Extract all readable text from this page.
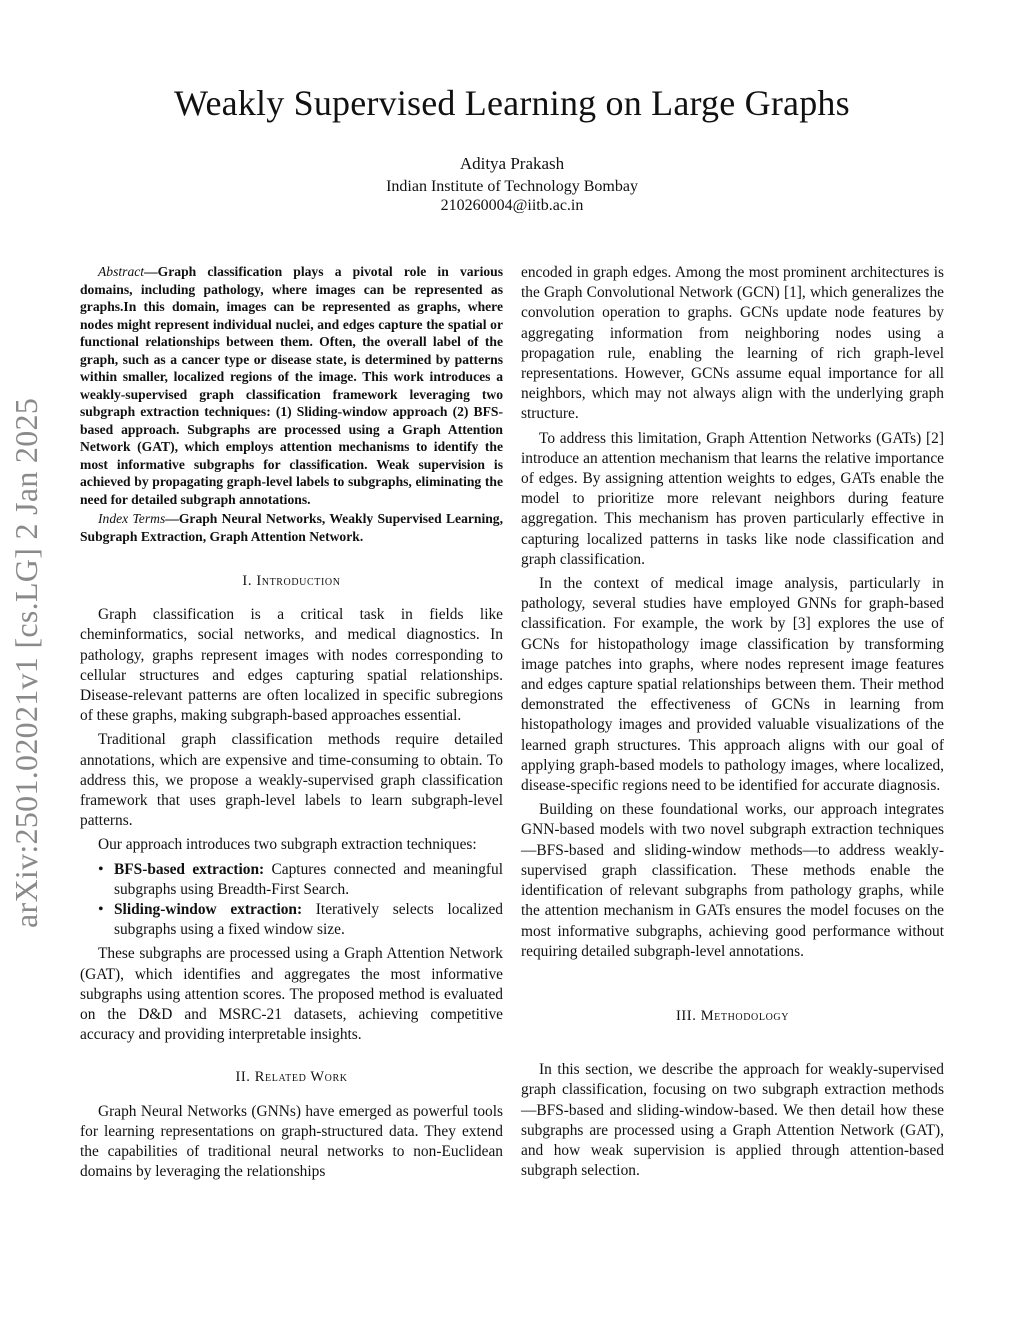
arXiv:2501.02021v1 [cs.LG] 2 Jan 2025
Weakly Supervised Learning on Large Graphs
Aditya Prakash
Indian Institute of Technology Bombay
210260004@iitb.ac.in
Abstract—Graph classification plays a pivotal role in various domains, including pathology, where images can be represented as graphs.In this domain, images can be represented as graphs, where nodes might represent individual nuclei, and edges capture the spatial or functional relationships between them. Often, the overall label of the graph, such as a cancer type or disease state, is determined by patterns within smaller, localized regions of the image. This work introduces a weakly-supervised graph classification framework leveraging two subgraph extraction techniques: (1) Sliding-window approach (2) BFS-based approach. Subgraphs are processed using a Graph Attention Network (GAT), which employs attention mechanisms to identify the most informative subgraphs for classification. Weak supervision is achieved by propagating graph-level labels to subgraphs, eliminating the need for detailed subgraph annotations.
Index Terms—Graph Neural Networks, Weakly Supervised Learning, Subgraph Extraction, Graph Attention Network.
I. Introduction

Graph classification is a critical task in fields like cheminformatics, social networks, and medical diagnostics. In pathology, graphs represent images with nodes corresponding to cellular structures and edges capturing spatial relationships. Disease-relevant patterns are often localized in specific subregions of these graphs, making subgraph-based approaches essential.

Traditional graph classification methods require detailed annotations, which are expensive and time-consuming to obtain. To address this, we propose a weakly-supervised graph classification framework that uses graph-level labels to learn subgraph-level patterns.

Our approach introduces two subgraph extraction techniques:

• BFS-based extraction: Captures connected and meaningful subgraphs using Breadth-First Search.
• Sliding-window extraction: Iteratively selects localized subgraphs using a fixed window size.

These subgraphs are processed using a Graph Attention Network (GAT), which identifies and aggregates the most informative subgraphs using attention scores. The proposed method is evaluated on the D&D and MSRC-21 datasets, achieving competitive accuracy and providing interpretable insights.

II. Related Work

Graph Neural Networks (GNNs) have emerged as powerful tools for learning representations on graph-structured data. They extend the capabilities of traditional neural networks to non-Euclidean domains by leveraging the relationships

encoded in graph edges. Among the most prominent architectures is the Graph Convolutional Network (GCN) [1], which generalizes the convolution operation to graphs. GCNs update node features by aggregating information from neighboring nodes using a propagation rule, enabling the learning of rich graph-level representations. However, GCNs assume equal importance for all neighbors, which may not always align with the underlying graph structure.

To address this limitation, Graph Attention Networks (GATs) [2] introduce an attention mechanism that learns the relative importance of edges. By assigning attention weights to edges, GATs enable the model to prioritize more relevant neighbors during feature aggregation. This mechanism has proven particularly effective in capturing localized patterns in tasks like node classification and graph classification.

In the context of medical image analysis, particularly in pathology, several studies have employed GNNs for graph-based classification. For example, the work by [3] explores the use of GCNs for histopathology image classification by transforming image patches into graphs, where nodes represent image features and edges capture spatial relationships between them. Their method demonstrated the effectiveness of GCNs in learning from histopathology images and provided valuable visualizations of the learned graph structures. This approach aligns with our goal of applying graph-based models to pathology images, where localized, disease-specific regions need to be identified for accurate diagnosis.

Building on these foundational works, our approach integrates GNN-based models with two novel subgraph extraction techniques—BFS-based and sliding-window methods—to address weakly-supervised graph classification. These methods enable the identification of relevant subgraphs from pathology graphs, while the attention mechanism in GATs ensures the model focuses on the most informative subgraphs, achieving good performance without requiring detailed subgraph-level annotations.

III. Methodology

In this section, we describe the approach for weakly-supervised graph classification, focusing on two subgraph extraction methods—BFS-based and sliding-window-based. We then detail how these subgraphs are processed using a Graph Attention Network (GAT), and how weak supervision is applied through attention-based subgraph selection.
